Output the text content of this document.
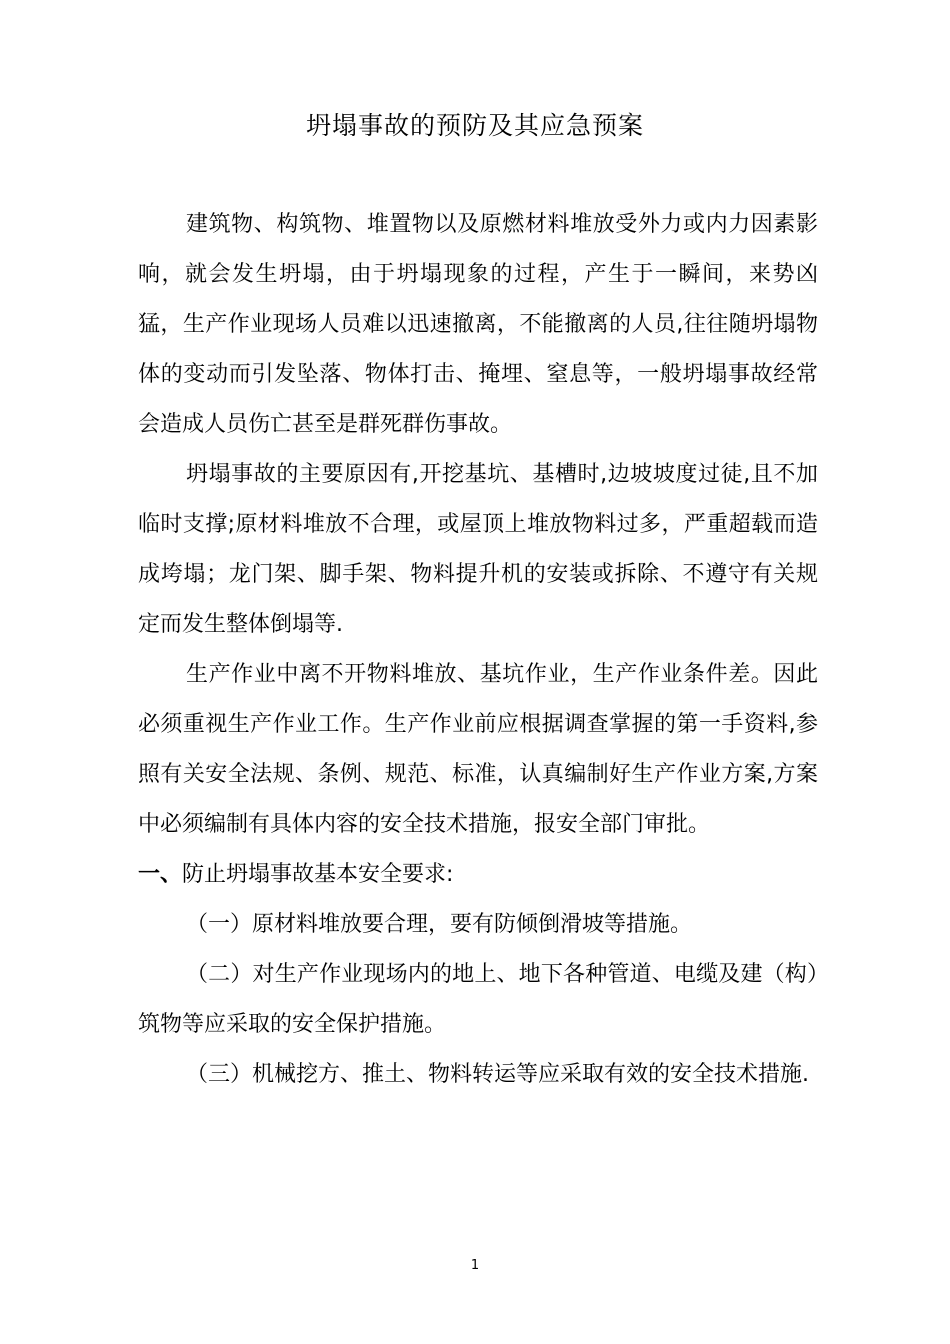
坍塌事故的预防及其应急预案

建筑物、构筑物、堆置物以及原燃材料堆放受外力或内力因素影响，就会发生坍塌，由于坍塌现象的过程，产生于一瞬间，来势凶猛，生产作业现场人员难以迅速撤离，不能撤离的人员,往往随坍塌物体的变动而引发坠落、物体打击、掩埋、窒息等，一般坍塌事故经常会造成人员伤亡甚至是群死群伤事故。

坍塌事故的主要原因有,开挖基坑、基槽时,边坡坡度过徒,且不加临时支撑;原材料堆放不合理，或屋顶上堆放物料过多，严重超载而造成垮塌；龙门架、脚手架、物料提升机的安装或拆除、不遵守有关规定而发生整体倒塌等.

生产作业中离不开物料堆放、基坑作业，生产作业条件差。因此必须重视生产作业工作。生产作业前应根据调查掌握的第一手资料,参照有关安全法规、条例、规范、标准，认真编制好生产作业方案,方案中必须编制有具体内容的安全技术措施，报安全部门审批。

一、防止坍塌事故基本安全要求:

（一）原材料堆放要合理，要有防倾倒滑坡等措施。

（二）对生产作业现场内的地上、地下各种管道、电缆及建（构）筑物等应采取的安全保护措施。

（三）机械挖方、推土、物料转运等应采取有效的安全技术措施.

1
